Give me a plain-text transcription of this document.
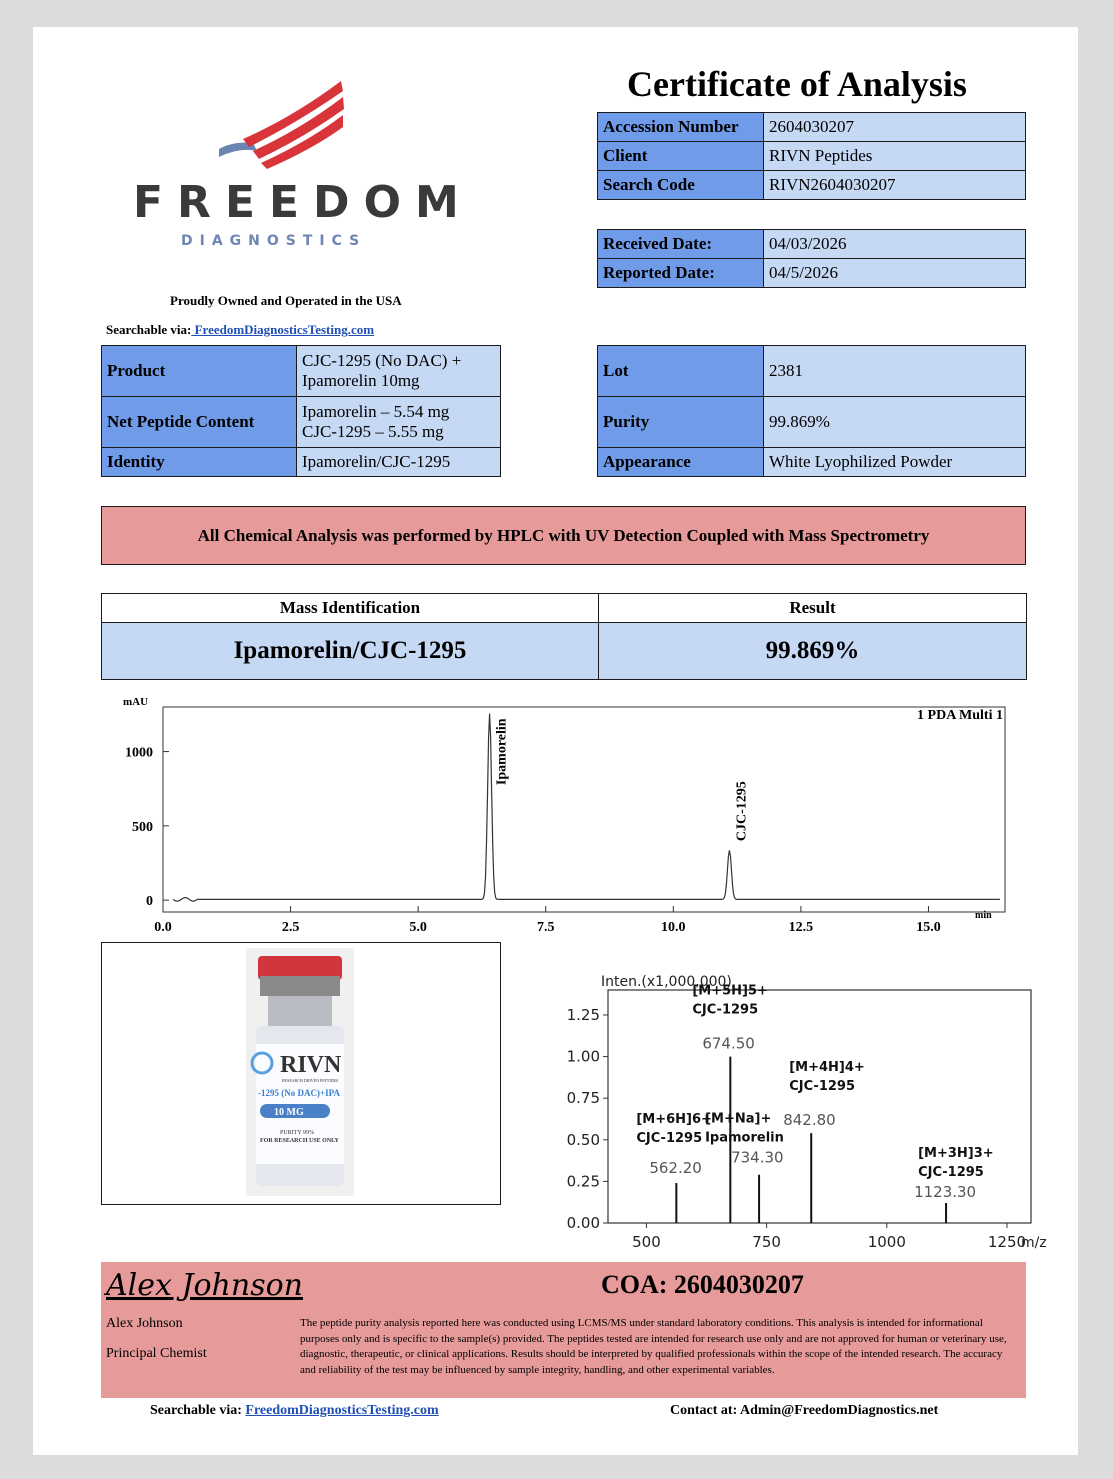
FREEDOM
DIAGNOSTICS
Proudly Owned and Operated in the USA
Searchable via: FreedomDiagnosticsTesting.com
Certificate of Analysis
Accession Number	2604030207
Client	RIVN Peptides
Search Code	RIVN2604030207
Received Date:	04/03/2026
Reported Date:	04/5/2026
Product	CJC-1295 (No DAC) +
Ipamorelin 10mg

Net Peptide Content	Ipamorelin – 5.54 mg
CJC-1295 – 5.55 mg

Identity	Ipamorelin/CJC-1295
Lot	2381
Purity	99.869%
Appearance	White Lyophilized Powder
All Chemical Analysis was performed by HPLC with UV Detection Coupled with Mass Spectrometry
Mass Identification	Result
Ipamorelin/CJC-1295	99.869%
mAU
1 PDA Multi 1
min
0.0	2.5	5.0	7.5	10.0	12.5	15.0
1000
500
0
Ipamorelin
CJC-1295
RIVN
RESEARCH DRIVEN PEPTIDES
-1295 (No DAC)+IPA
10 MG
PURITY 99%
FOR RESEARCH USE ONLY
Inten.(x1,000,000)
m/z
500	750	1000	1250
1.25
1.00
0.75
0.50
0.25
0.00
562.20
[M+6H]6+
CJC-1295
674.50
[M+5H]5+
CJC-1295
734.30
[M+Na]+
Ipamorelin
842.80
[M+4H]4+
CJC-1295
1123.30
[M+3H]3+
CJC-1295
Alex Johnson
Alex Johnson
Principal Chemist
COA: 2604030207
The peptide purity analysis reported here was conducted using LCMS/MS under standard laboratory conditions. This analysis is intended for informational purposes only and is specific to the sample(s) provided. The peptides tested are intended for research use only and are not approved for human or veterinary use, diagnostic, therapeutic, or clinical applications. Results should be interpreted by qualified professionals within the scope of the intended research. The accuracy and reliability of the test may be influenced by sample integrity, handling, and other experimental variables.
Searchable via: FreedomDiagnosticsTesting.com	Contact at: Admin@FreedomDiagnostics.net
